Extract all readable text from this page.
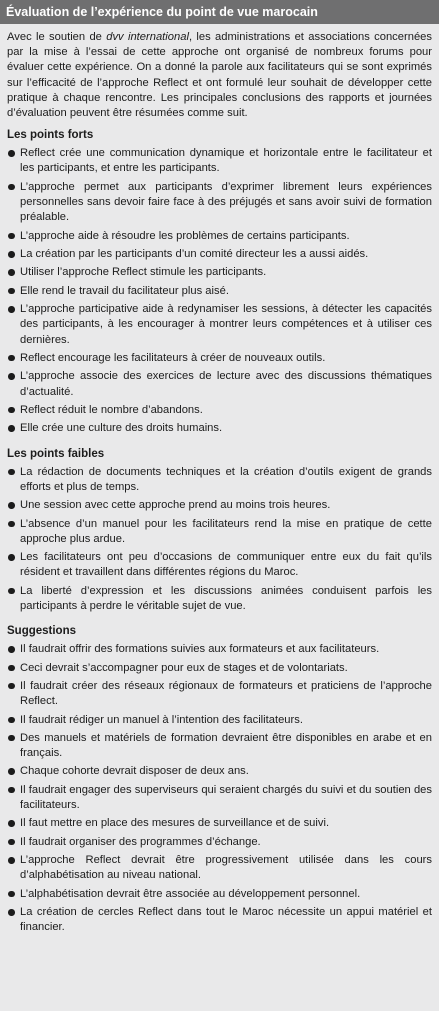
Évaluation de l’expérience du point de vue marocain

Avec le soutien de dvv international, les administrations et associations concernées par la mise à l’essai de cette approche ont organisé de nombreux forums pour évaluer cette expérience. On a donné la parole aux facilitateurs qui se sont exprimés sur l’efficacité de l’approche Reflect et ont formulé leur souhait de développer cette pratique à chaque rencontre. Les principales conclusions des rapports et journées d’évaluation peuvent être résumées comme suit.

Les points forts
Reflect crée une communication dynamique et horizontale entre le facilitateur et les participants, et entre les participants.
L’approche permet aux participants d’exprimer librement leurs expériences personnelles sans devoir faire face à des préjugés et sans avoir suivi de formation préalable.
L’approche aide à résoudre les problèmes de certains participants.
La création par les participants d’un comité directeur les a aussi aidés.
Utiliser l’approche Reflect stimule les participants.
Elle rend le travail du facilitateur plus aisé.
L’approche participative aide à redynamiser les sessions, à détecter les capacités des participants, à les encourager à montrer leurs compétences et à utiliser ces dernières.
Reflect encourage les facilitateurs à créer de nouveaux outils.
L’approche associe des exercices de lecture avec des discussions thématiques d’actualité.
Reflect réduit le nombre d’abandons.
Elle crée une culture des droits humains.
Les points faibles
La rédaction de documents techniques et la création d’outils exigent de grands efforts et plus de temps.
Une session avec cette approche prend au moins trois heures.
L’absence d’un manuel pour les facilitateurs rend la mise en pratique de cette approche plus ardue.
Les facilitateurs ont peu d’occasions de communiquer entre eux du fait qu’ils résident et travaillent dans différentes régions du Maroc.
La liberté d’expression et les discussions animées conduisent parfois les participants à perdre le véritable sujet de vue.
Suggestions
Il faudrait offrir des formations suivies aux formateurs et aux facilitateurs.
Ceci devrait s’accompagner pour eux de stages et de volontariats.
Il faudrait créer des réseaux régionaux de formateurs et praticiens de l’approche Reflect.
Il faudrait rédiger un manuel à l’intention des facilitateurs.
Des manuels et matériels de formation devraient être disponibles en arabe et en français.
Chaque cohorte devrait disposer de deux ans.
Il faudrait engager des superviseurs qui seraient chargés du suivi et du soutien des facilitateurs.
Il faut mettre en place des mesures de surveillance et de suivi.
Il faudrait organiser des programmes d’échange.
L’approche Reflect devrait être progressivement utilisée dans les cours d’alphabétisation au niveau national.
L’alphabétisation devrait être associée au développement personnel.
La création de cercles Reflect dans tout le Maroc nécessite un appui matériel et financier.
